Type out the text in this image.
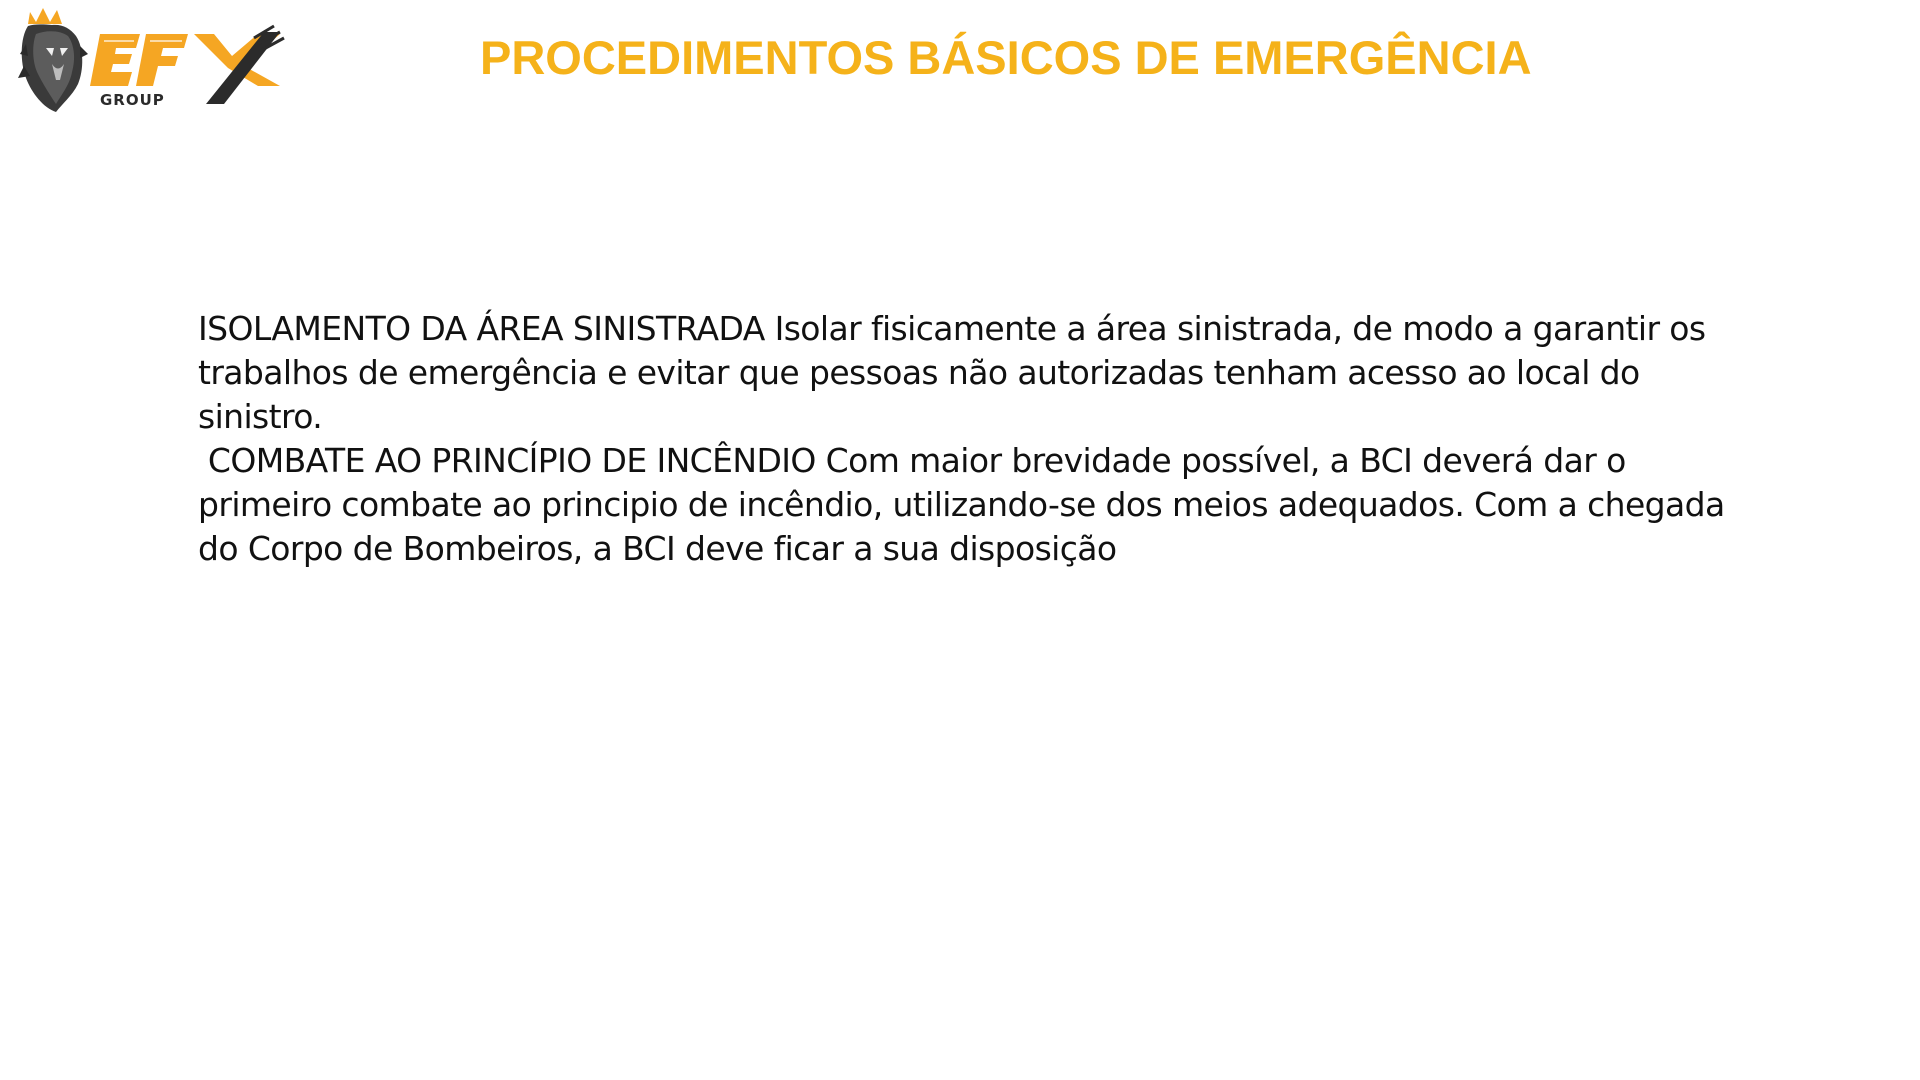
GROUP
PROCEDIMENTOS BÁSICOS DE EMERGÊNCIA

ISOLAMENTO DA ÁREA SINISTRADA Isolar fisicamente a área sinistrada, de modo a garantir os trabalhos de emergência e evitar que pessoas não autorizadas tenham acesso ao local do sinistro.

COMBATE AO PRINCÍPIO DE INCÊNDIO Com maior brevidade possível, a BCI deverá dar o primeiro combate ao principio de incêndio, utilizando-se dos meios adequados. Com a chegada do Corpo de Bombeiros, a BCI deve ficar a sua disposição
